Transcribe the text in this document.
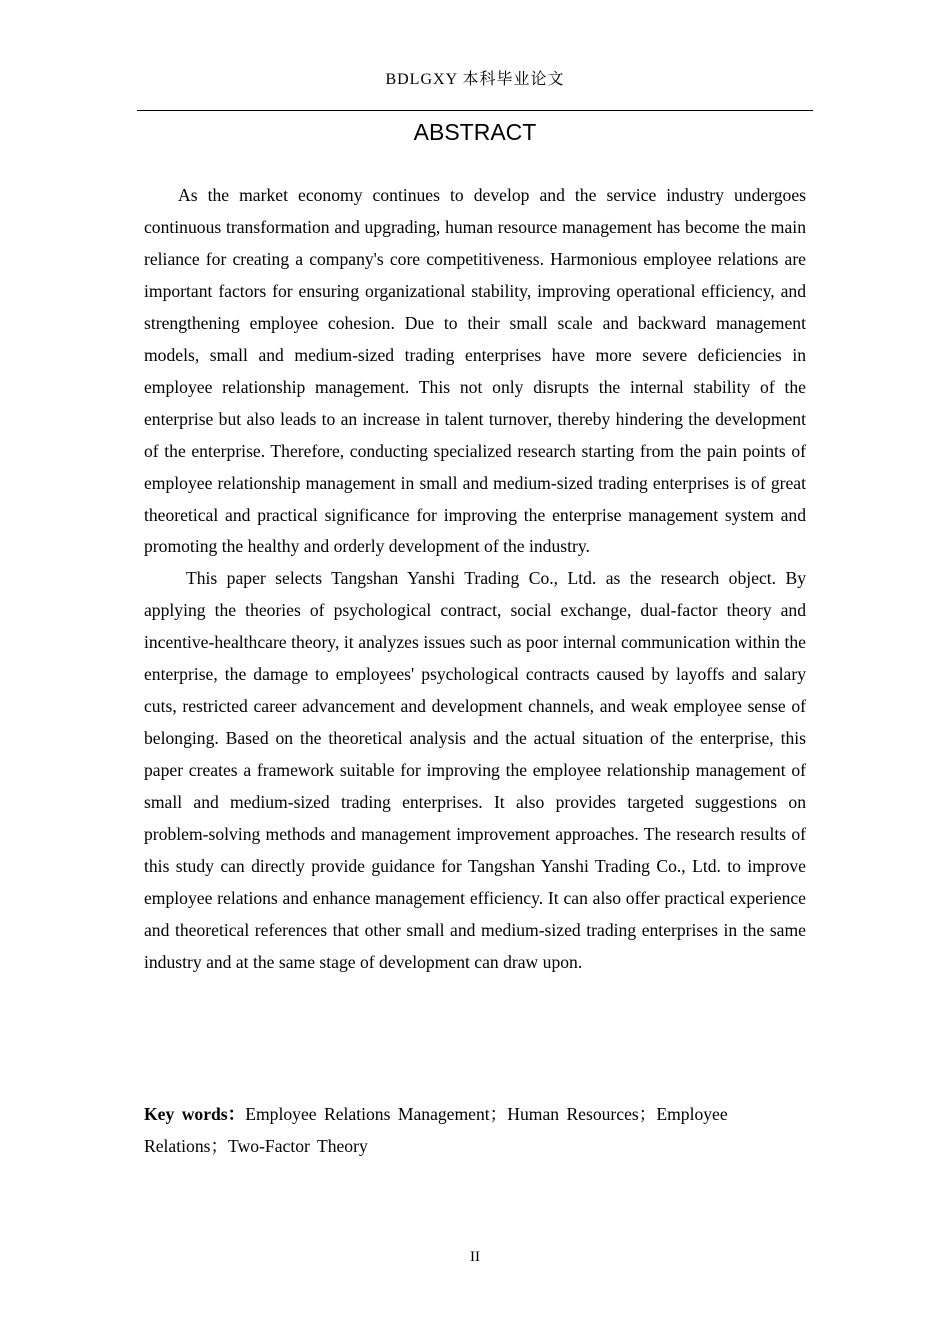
BDLGXY 本科毕业论文
ABSTRACT

As the market economy continues to develop and the service industry undergoes continuous transformation and upgrading, human resource management has become the main reliance for creating a company's core competitiveness. Harmonious employee relations are important factors for ensuring organizational stability, improving operational efficiency, and strengthening employee cohesion. Due to their small scale and backward management models, small and medium-sized trading enterprises have more severe deficiencies in employee relationship management. This not only disrupts the internal stability of the enterprise but also leads to an increase in talent turnover, thereby hindering the development of the enterprise. Therefore, conducting specialized research starting from the pain points of employee relationship management in small and medium-sized trading enterprises is of great theoretical and practical significance for improving the enterprise management system and promoting the healthy and orderly development of the industry.

This paper selects Tangshan Yanshi Trading Co., Ltd. as the research object. By applying the theories of psychological contract, social exchange, dual-factor theory and incentive-healthcare theory, it analyzes issues such as poor internal communication within the enterprise, the damage to employees' psychological contracts caused by layoffs and salary cuts, restricted career advancement and development channels, and weak employee sense of belonging. Based on the theoretical analysis and the actual situation of the enterprise, this paper creates a framework suitable for improving the employee relationship management of small and medium-sized trading enterprises. It also provides targeted suggestions on problem-solving methods and management improvement approaches. The research results of this study can directly provide guidance for Tangshan Yanshi Trading Co., Ltd. to improve employee relations and enhance management efficiency. It can also offer practical experience and theoretical references that other small and medium-sized trading enterprises in the same industry and at the same stage of development can draw upon.

Key words：Employee Relations Management；Human Resources；Employee Relations；Two-Factor Theory
II
